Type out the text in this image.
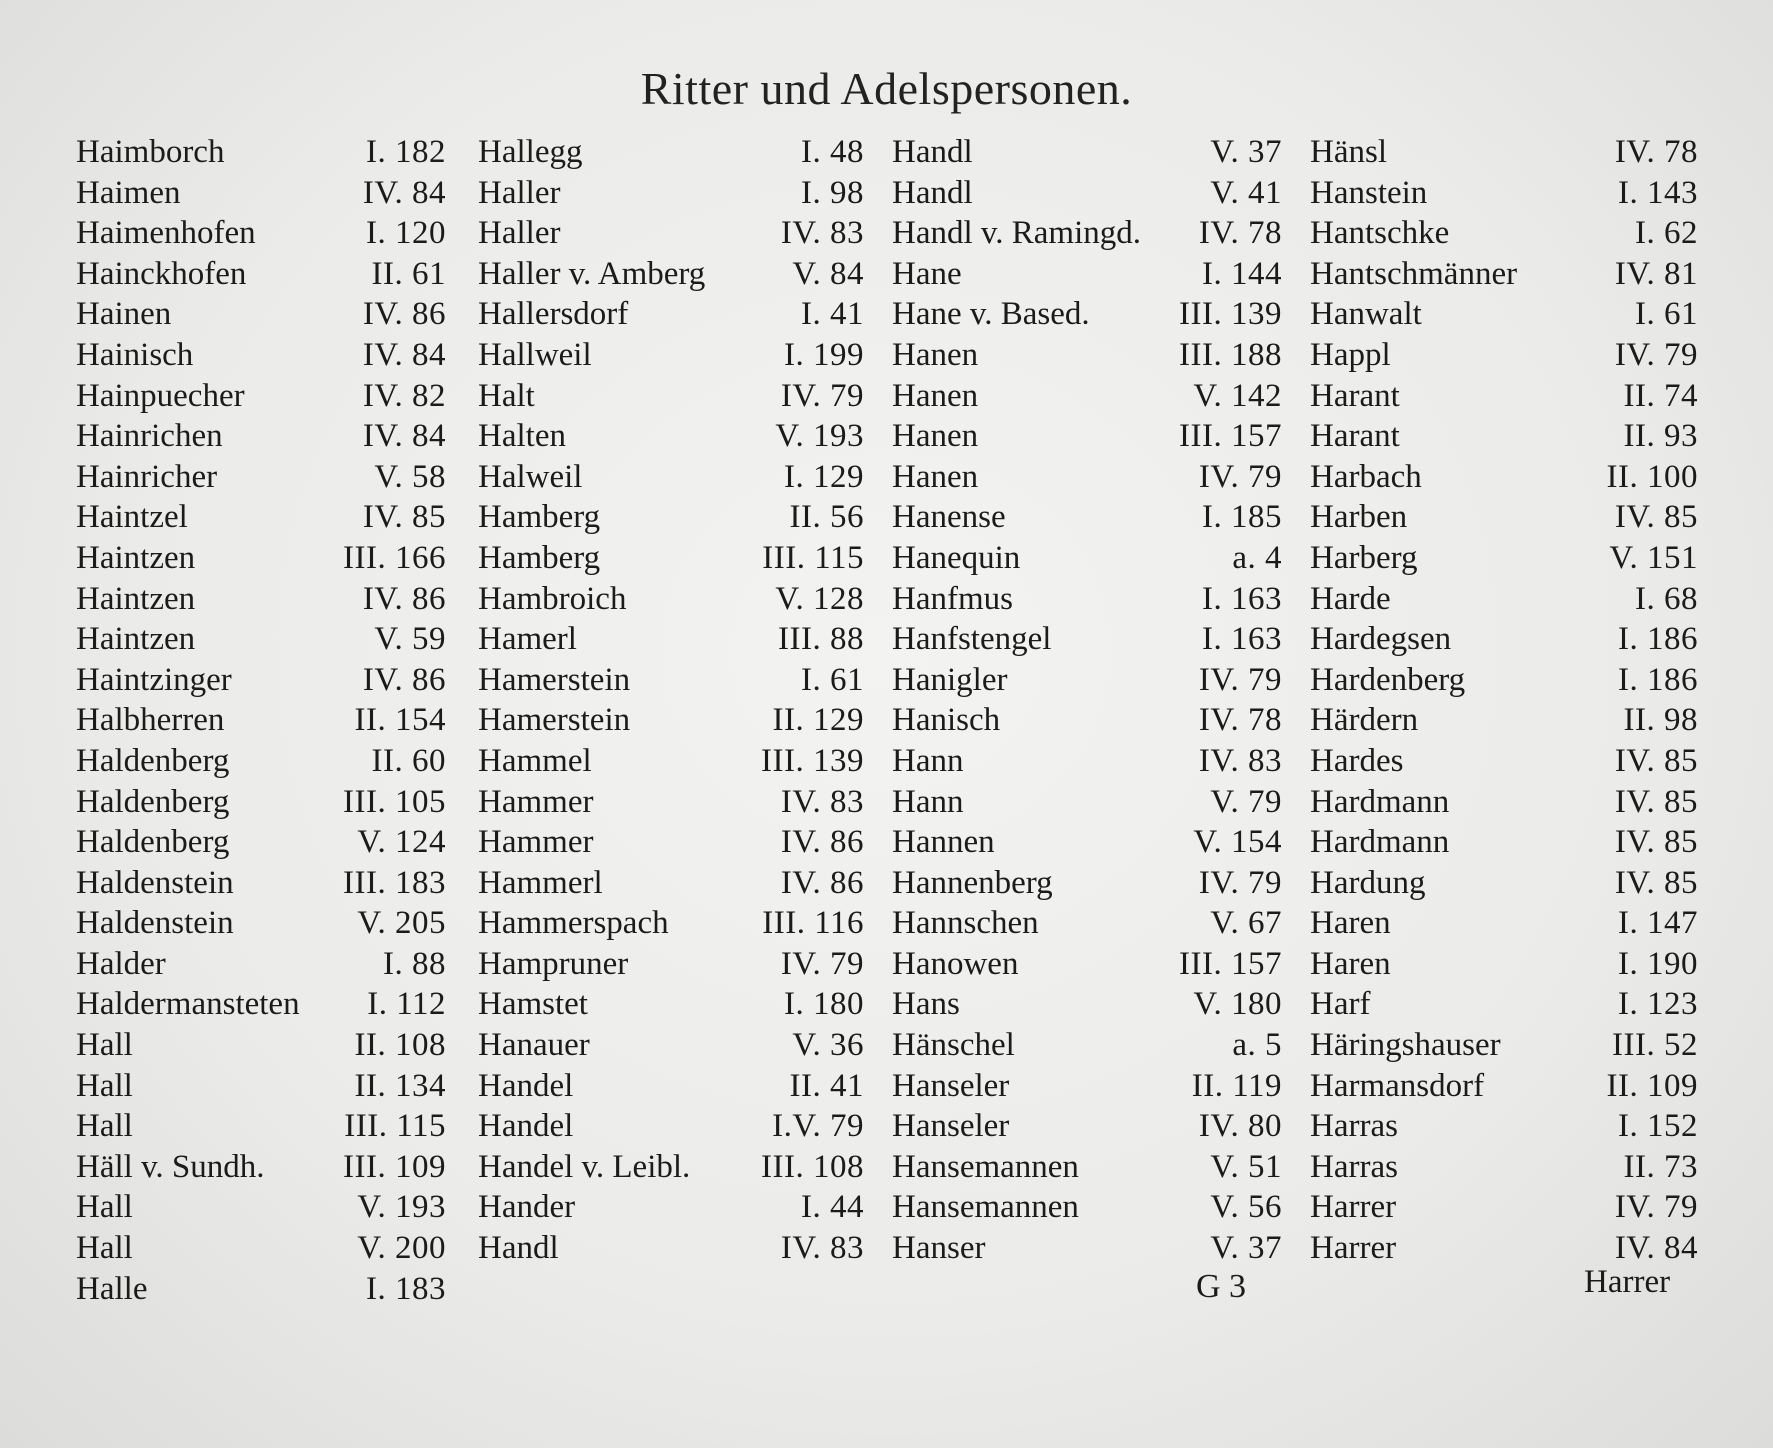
Ritter und Adelspersonen.
Haimborch	I. 182
Haimen	IV. 84
Haimenhofen	I. 120
Hainckhofen	II. 61
Hainen	IV. 86
Hainisch	IV. 84
Hainpuecher	IV. 82
Hainrichen	IV. 84
Hainricher	V. 58
Haintzel	IV. 85
Haintzen	III. 166
Haintzen	IV. 86
Haintzen	V. 59
Haintzinger	IV. 86
Halbherren	II. 154
Haldenberg	II. 60
Haldenberg	III. 105
Haldenberg	V. 124
Haldenstein	III. 183
Haldenstein	V. 205
Halder	I. 88
Haldermansteten I. 112
Hall	II. 108
Hall	II. 134
Hall	III. 115
Häll v. Sundh. III. 109
Hall	V. 193
Hall	V. 200
Halle	I. 183
Hallegg	I. 48
Haller	I. 98
Haller	IV. 83
Haller v. Amberg	V. 84
Hallersdorf	I. 41
Hallweil	I. 199
Halt	IV. 79
Halten	V. 193
Halweil	I. 129
Hamberg	II. 56
Hamberg	III. 115
Hambroich	V. 128
Hamerl	III. 88
Hamerstein	I. 61
Hamerstein	II. 129
Hammel	III. 139
Hammer	IV. 83
Hammer	IV. 86
Hammerl	IV. 86
Hammerspach	III. 116
Hampruner	IV. 79
Hamstet	I. 180
Hanauer	V. 36
Handel	II. 41
Handel	I.V. 79
Handel v. Leibl. III. 108
Hander	I. 44
Handl	IV. 83
Handl	V. 37
Handl	V. 41
Handl v. Ramingd. IV. 78
Hane	I. 144
Hane v. Based.	III. 139
Hanen	III. 188
Hanen	V. 142
Hanen	III. 157
Hanen	IV. 79
Hanense	I. 185
Hanequin	a. 4
Hanfmus	I. 163
Hanfstengel	I. 163
Hanigler	IV. 79
Hanisch	IV. 78
Hann	IV. 83
Hann	V. 79
Hannen	V. 154
Hannenberg	IV. 79
Hannschen	V. 67
Hanowen	III. 157
Hans	V. 180
Hänschel	a. 5
Hanseler	II. 119
Hanseler	IV. 80
Hansemannen	V. 51
Hansemannen	V. 56
Hanser	V. 37
Hänsl	IV. 78
Hanstein	I. 143
Hantschke	I. 62
Hantschmänner	IV. 81
Hanwalt	I. 61
Happl	IV. 79
Harant	II. 74
Harant	II. 93
Harbach	II. 100
Harben	IV. 85
Harberg	V. 151
Harde	I. 68
Hardegsen	I. 186
Hardenberg	I. 186
Härdern	II. 98
Hardes	IV. 85
Hardmann	IV. 85
Hardmann	IV. 85
Hardung	IV. 85
Haren	I. 147
Haren	I. 190
Harf	I. 123
Häringshauser	III. 52
Harmansdorf	II. 109
Harras	I. 152
Harras	II. 73
Harrer	IV. 79
Harrer	IV. 84
G 3	Harrer
